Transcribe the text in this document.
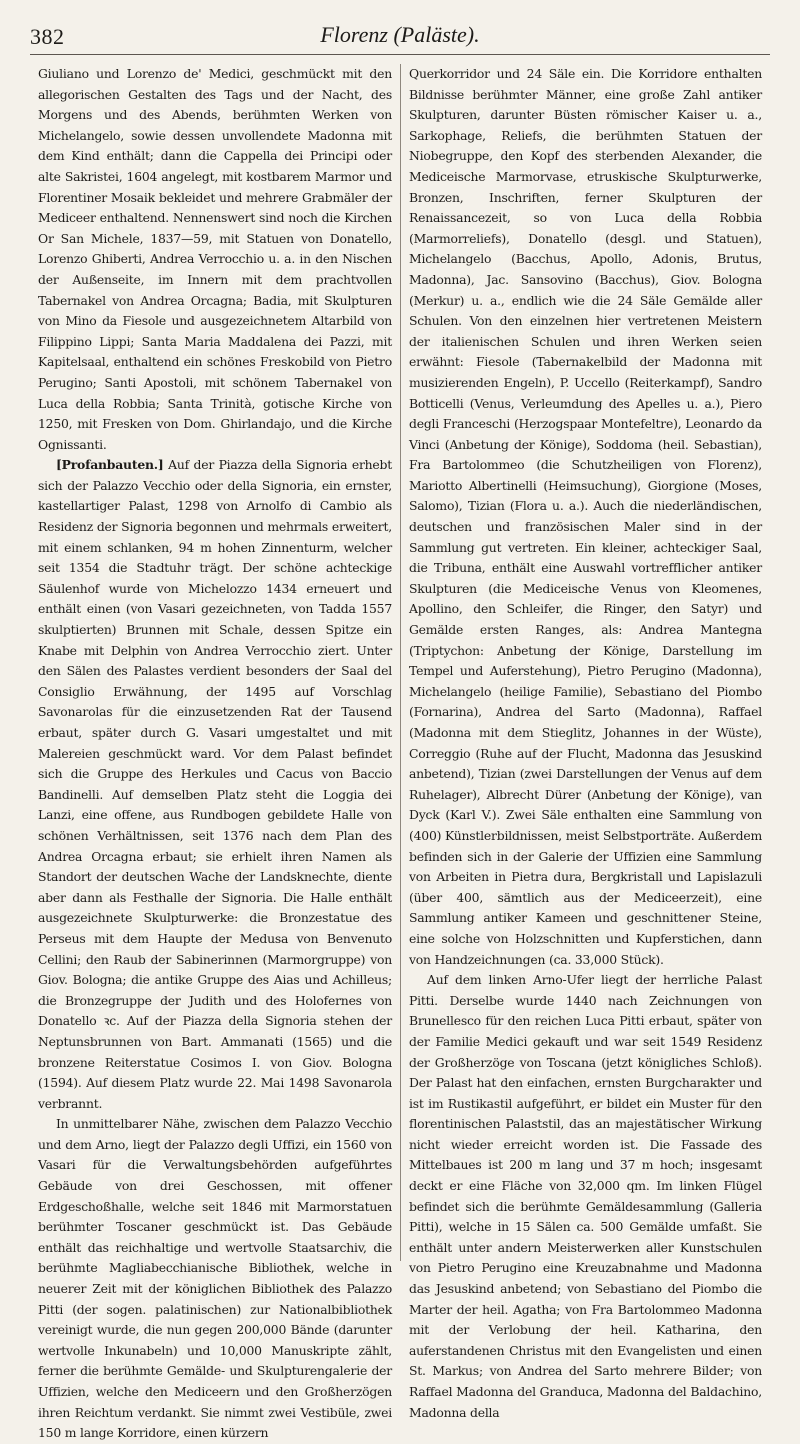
382	Florenz (Paläste).

Giuliano und Lorenzo de' Medici, geschmückt mit den allegorischen Gestalten des Tags und der Nacht, des Morgens und des Abends, berühmten Werken von Michelangelo, sowie dessen unvollendete Madonna mit dem Kind enthält; dann die Cappella dei Principi oder alte Sakristei, 1604 angelegt, mit kostbarem Marmor und Florentiner Mosaik bekleidet und mehrere Grabmäler der Mediceer enthaltend. Nennenswert sind noch die Kirchen Or San Michele, 1837—59, mit Statuen von Donatello, Lorenzo Ghiberti, Andrea Verrocchio u. a. in den Nischen der Außenseite, im Innern mit dem prachtvollen Tabernakel von Andrea Orcagna; Badia, mit Skulpturen von Mino da Fiesole und ausgezeichnetem Altarbild von Filippino Lippi; Santa Maria Maddalena dei Pazzi, mit Kapitelsaal, enthaltend ein schönes Freskobild von Pietro Perugino; Santi Apostoli, mit schönem Tabernakel von Luca della Robbia; Santa Trinità, gotische Kirche von 1250, mit Fresken von Dom. Ghirlandajo, und die Kirche Ognissanti.

[Profanbauten.] Auf der Piazza della Signoria erhebt sich der Palazzo Vecchio oder della Signoria, ein ernster, kastellartiger Palast, 1298 von Arnolfo di Cambio als Residenz der Signoria begonnen und mehrmals erweitert, mit einem schlanken, 94 m hohen Zinnenturm, welcher seit 1354 die Stadtuhr trägt. Der schöne achteckige Säulenhof wurde von Michelozzo 1434 erneuert und enthält einen (von Vasari gezeichneten, von Tadda 1557 skulptierten) Brunnen mit Schale, dessen Spitze ein Knabe mit Delphin von Andrea Verrocchio ziert. Unter den Sälen des Palastes verdient besonders der Saal del Consiglio Erwähnung, der 1495 auf Vorschlag Savonarolas für die einzusetzenden Rat der Tausend erbaut, später durch G. Vasari umgestaltet und mit Malereien geschmückt ward. Vor dem Palast befindet sich die Gruppe des Herkules und Cacus von Baccio Bandinelli. Auf demselben Platz steht die Loggia dei Lanzi, eine offene, aus Rundbogen gebildete Halle von schönen Verhältnissen, seit 1376 nach dem Plan des Andrea Orcagna erbaut; sie erhielt ihren Namen als Standort der deutschen Wache der Landsknechte, diente aber dann als Festhalle der Signoria. Die Halle enthält ausgezeichnete Skulpturwerke: die Bronzestatue des Perseus mit dem Haupte der Medusa von Benvenuto Cellini; den Raub der Sabinerinnen (Marmorgruppe) von Giov. Bologna; die antike Gruppe des Aias und Achilleus; die Bronzegruppe der Judith und des Holofernes von Donatello ꝛc. Auf der Piazza della Signoria stehen der Neptunsbrunnen von Bart. Ammanati (1565) und die bronzene Reiterstatue Cosimos I. von Giov. Bologna (1594). Auf diesem Platz wurde 22. Mai 1498 Savonarola verbrannt.

In unmittelbarer Nähe, zwischen dem Palazzo Vecchio und dem Arno, liegt der Palazzo degli Uffizi, ein 1560 von Vasari für die Verwaltungsbehörden aufgeführtes Gebäude von drei Geschossen, mit offener Erdgeschoßhalle, welche seit 1846 mit Marmorstatuen berühmter Toscaner geschmückt ist. Das Gebäude enthält das reichhaltige und wertvolle Staatsarchiv, die berühmte Magliabecchianische Bibliothek, welche in neuerer Zeit mit der königlichen Bibliothek des Palazzo Pitti (der sogen. palatinischen) zur Nationalbibliothek vereinigt wurde, die nun gegen 200,000 Bände (darunter wertvolle Inkunabeln) und 10,000 Manuskripte zählt, ferner die berühmte Gemälde- und Skulpturengalerie der Uffizien, welche den Mediceern und den Großherzögen ihren Reichtum verdankt. Sie nimmt zwei Vestibüle, zwei 150 m lange Korridore, einen kürzern

Querkorridor und 24 Säle ein. Die Korridore enthalten Bildnisse berühmter Männer, eine große Zahl antiker Skulpturen, darunter Büsten römischer Kaiser u. a., Sarkophage, Reliefs, die berühmten Statuen der Niobegruppe, den Kopf des sterbenden Alexander, die Mediceische Marmorvase, etruskische Skulpturwerke, Bronzen, Inschriften, ferner Skulpturen der Renaissancezeit, so von Luca della Robbia (Marmorreliefs), Donatello (desgl. und Statuen), Michelangelo (Bacchus, Apollo, Adonis, Brutus, Madonna), Jac. Sansovino (Bacchus), Giov. Bologna (Merkur) u. a., endlich wie die 24 Säle Gemälde aller Schulen. Von den einzelnen hier vertretenen Meistern der italienischen Schulen und ihren Werken seien erwähnt: Fiesole (Tabernakelbild der Madonna mit musizierenden Engeln), P. Uccello (Reiterkampf), Sandro Botticelli (Venus, Verleumdung des Apelles u. a.), Piero degli Franceschi (Herzogspaar Montefeltre), Leonardo da Vinci (Anbetung der Könige), Soddoma (heil. Sebastian), Fra Bartolommeo (die Schutzheiligen von Florenz), Mariotto Albertinelli (Heimsuchung), Giorgione (Moses, Salomo), Tizian (Flora u. a.). Auch die niederländischen, deutschen und französischen Maler sind in der Sammlung gut vertreten. Ein kleiner, achteckiger Saal, die Tribuna, enthält eine Auswahl vortrefflicher antiker Skulpturen (die Mediceische Venus von Kleomenes, Apollino, den Schleifer, die Ringer, den Satyr) und Gemälde ersten Ranges, als: Andrea Mantegna (Triptychon: Anbetung der Könige, Darstellung im Tempel und Auferstehung), Pietro Perugino (Madonna), Michelangelo (heilige Familie), Sebastiano del Piombo (Fornarina), Andrea del Sarto (Madonna), Raffael (Madonna mit dem Stieglitz, Johannes in der Wüste), Correggio (Ruhe auf der Flucht, Madonna das Jesuskind anbetend), Tizian (zwei Darstellungen der Venus auf dem Ruhelager), Albrecht Dürer (Anbetung der Könige), van Dyck (Karl V.). Zwei Säle enthalten eine Sammlung von (400) Künstlerbildnissen, meist Selbstporträte. Außerdem befinden sich in der Galerie der Uffizien eine Sammlung von Arbeiten in Pietra dura, Bergkristall und Lapislazuli (über 400, sämtlich aus der Mediceerzeit), eine Sammlung antiker Kameen und geschnittener Steine, eine solche von Holzschnitten und Kupferstichen, dann von Handzeichnungen (ca. 33,000 Stück).

Auf dem linken Arno-Ufer liegt der herrliche Palast Pitti. Derselbe wurde 1440 nach Zeichnungen von Brunellesco für den reichen Luca Pitti erbaut, später von der Familie Medici gekauft und war seit 1549 Residenz der Großherzöge von Toscana (jetzt königliches Schloß). Der Palast hat den einfachen, ernsten Burgcharakter und ist im Rustikastil aufgeführt, er bildet ein Muster für den florentinischen Palaststil, das an majestätischer Wirkung nicht wieder erreicht worden ist. Die Fassade des Mittelbaues ist 200 m lang und 37 m hoch; insgesamt deckt er eine Fläche von 32,000 qm. Im linken Flügel befindet sich die berühmte Gemäldesammlung (Galleria Pitti), welche in 15 Sälen ca. 500 Gemälde umfaßt. Sie enthält unter andern Meisterwerken aller Kunstschulen von Pietro Perugino eine Kreuzabnahme und Madonna das Jesuskind anbetend; von Sebastiano del Piombo die Marter der heil. Agatha; von Fra Bartolommeo Madonna mit der Verlobung der heil. Katharina, den auferstandenen Christus mit den Evangelisten und einen St. Markus; von Andrea del Sarto mehrere Bilder; von Raffael Madonna del Granduca, Madonna del Baldachino, Madonna della
